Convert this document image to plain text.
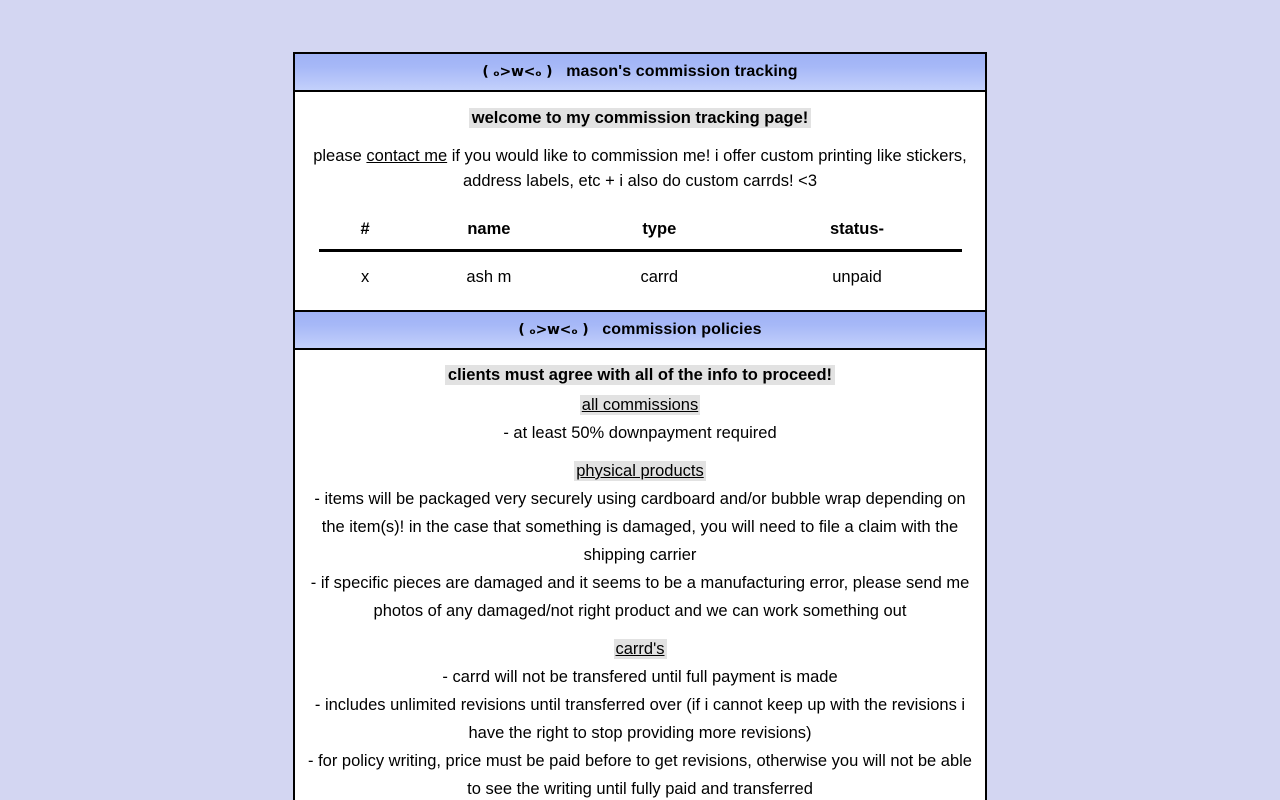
( ₒ>ᴡ<ₒ ) mason's commission tracking
welcome to my commission tracking page!

please contact me if you would like to commission me! i offer custom printing like stickers, address labels, etc + i also do custom carrds! <3

#	name	type	status-
x	ash m	carrd	unpaid
( ₒ>ᴡ<ₒ ) commission policies
clients must agree with all of the info to proceed!

all commissions

- at least 50% downpayment required

physical products

- items will be packaged very securely using cardboard and/or bubble wrap depending on the item(s)! in the case that something is damaged, you will need to file a claim with the shipping carrier

- if specific pieces are damaged and it seems to be a manufacturing error, please send me photos of any damaged/not right product and we can work something out

carrd's

- carrd will not be transfered until full payment is made

- includes unlimited revisions until transferred over (if i cannot keep up with the revisions i have the right to stop providing more revisions)

- for policy writing, price must be paid before to get revisions, otherwise you will not be able to see the writing until fully paid and transferred
